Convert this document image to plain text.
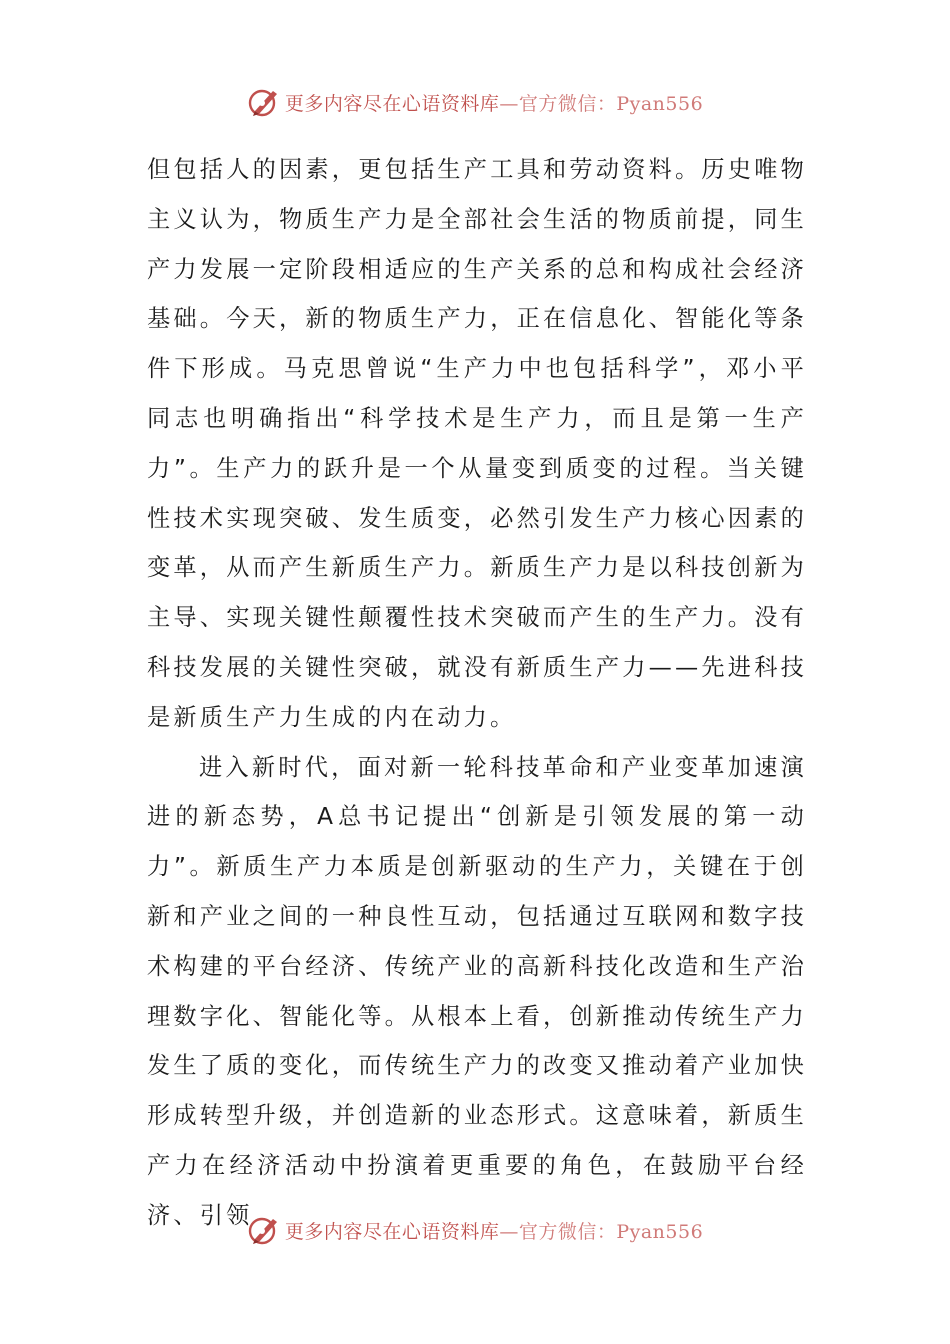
更多内容尽在心语资料库—官方微信：Pyan556

但包括人的因素，更包括生产工具和劳动资料。历史唯物主义认为，物质生产力是全部社会生活的物质前提，同生产力发展一定阶段相适应的生产关系的总和构成社会经济基础。今天，新的物质生产力，正在信息化、智能化等条件下形成。马克思曾说“生产力中也包括科学”，邓小平同志也明确指出“科学技术是生产力，而且是第一生产力”。生产力的跃升是一个从量变到质变的过程。当关键性技术实现突破、发生质变，必然引发生产力核心因素的变革，从而产生新质生产力。新质生产力是以科技创新为主导、实现关键性颠覆性技术突破而产生的生产力。没有科技发展的关键性突破，就没有新质生产力——先进科技是新质生产力生成的内在动力。

进入新时代，面对新一轮科技革命和产业变革加速演进的新态势，A总书记提出“创新是引领发展的第一动力”。新质生产力本质是创新驱动的生产力，关键在于创新和产业之间的一种良性互动，包括通过互联网和数字技术构建的平台经济、传统产业的高新科技化改造和生产治理数字化、智能化等。从根本上看，创新推动传统生产力发生了质的变化，而传统生产力的改变又推动着产业加快形成转型升级，并创造新的业态形式。这意味着，新质生产力在经济活动中扮演着更重要的角色，在鼓励平台经济、引领

更多内容尽在心语资料库—官方微信：Pyan556
